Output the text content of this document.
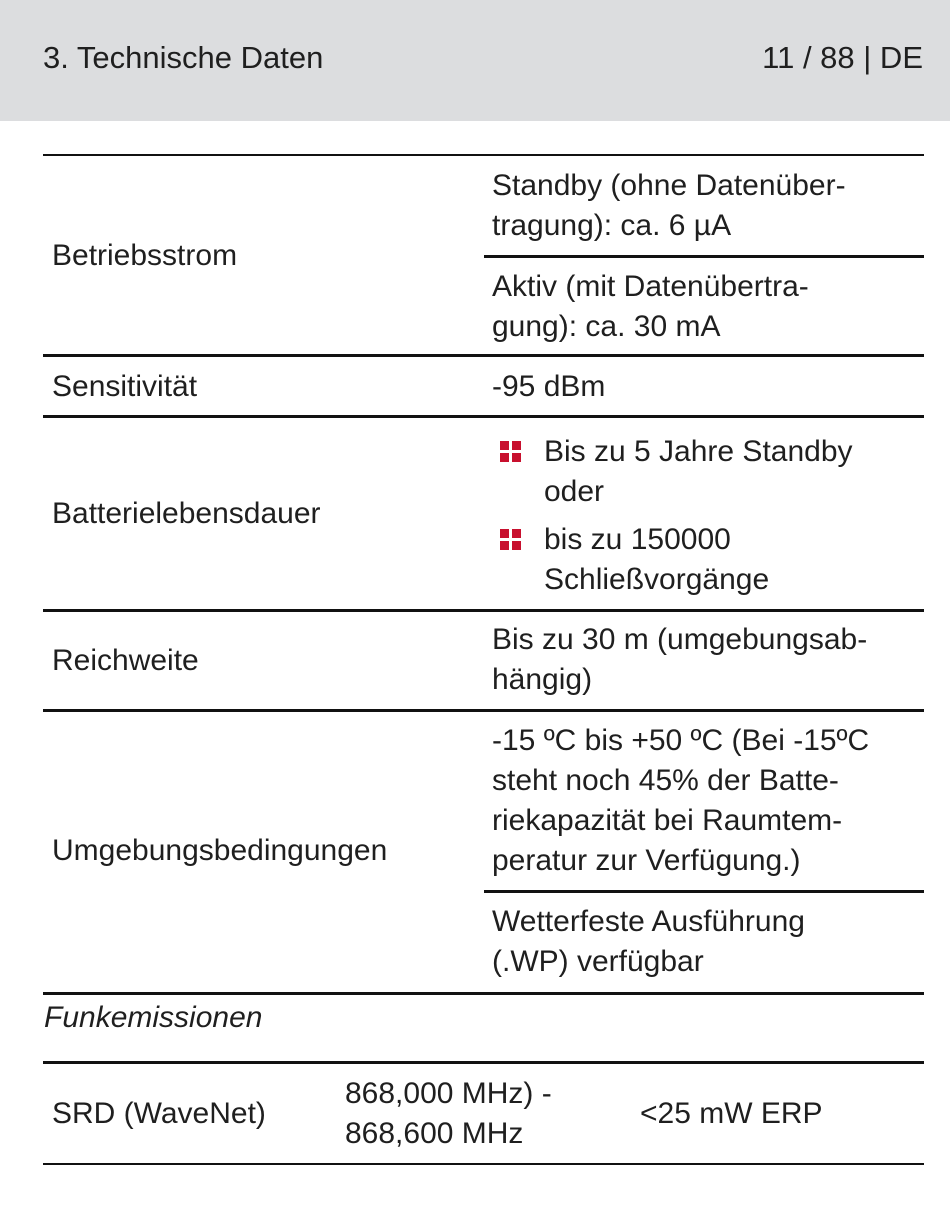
3. Technische Daten	11 / 88 | DE
Betriebsstrom
Standby (ohne Datenüber-
tragung): ca. 6 µA
Aktiv (mit Datenübertra-
gung): ca. 30 mA
Sensitivität	-95 dBm
Batterielebensdauer
Bis zu 5 Jahre Standby
oder
bis zu 150000
Schließvorgänge
Reichweite
Bis zu 30 m (umgebungsab-
hängig)
Umgebungsbedingungen
-15 ºC bis +50 ºC (Bei -15ºC
steht noch 45% der Batte-
riekapazität bei Raumtem-
peratur zur Verfügung.)
Wetterfeste Ausführung
(.WP) verfügbar
Funkemissionen
SRD (WaveNet)
868,000 MHz) -
868,600 MHz
<25 mW ERP
